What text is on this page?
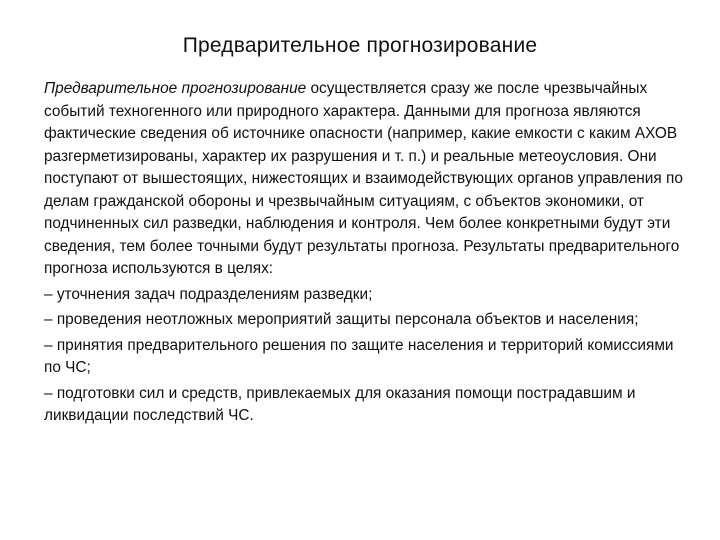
Предварительное прогнозирование

Предварительное прогнозирование осуществляется сразу же после чрезвычайных событий техногенного или природного характера. Данными для прогноза являются фактические сведения об источнике опасности (например, какие емкости с каким АХОВ разгерметизированы, характер их разрушения и т. п.) и реальные метеоусловия. Они поступают от вышестоящих, нижестоящих и взаимодействующих органов управления по делам гражданской обороны и чрезвычайным ситуациям, с объектов экономики, от подчиненных сил разведки, наблюдения и контроля. Чем более конкретными будут эти сведения, тем более точными будут результаты прогноза. Результаты предварительного прогноза используются в целях:

– уточнения задач подразделениям разведки;

– проведения неотложных мероприятий защиты персонала объектов и населения;

– принятия предварительного решения по защите населения и территорий комиссиями по ЧС;

– подготовки сил и средств, привлекаемых для оказания помощи пострадавшим и ликвидации последствий ЧС.
